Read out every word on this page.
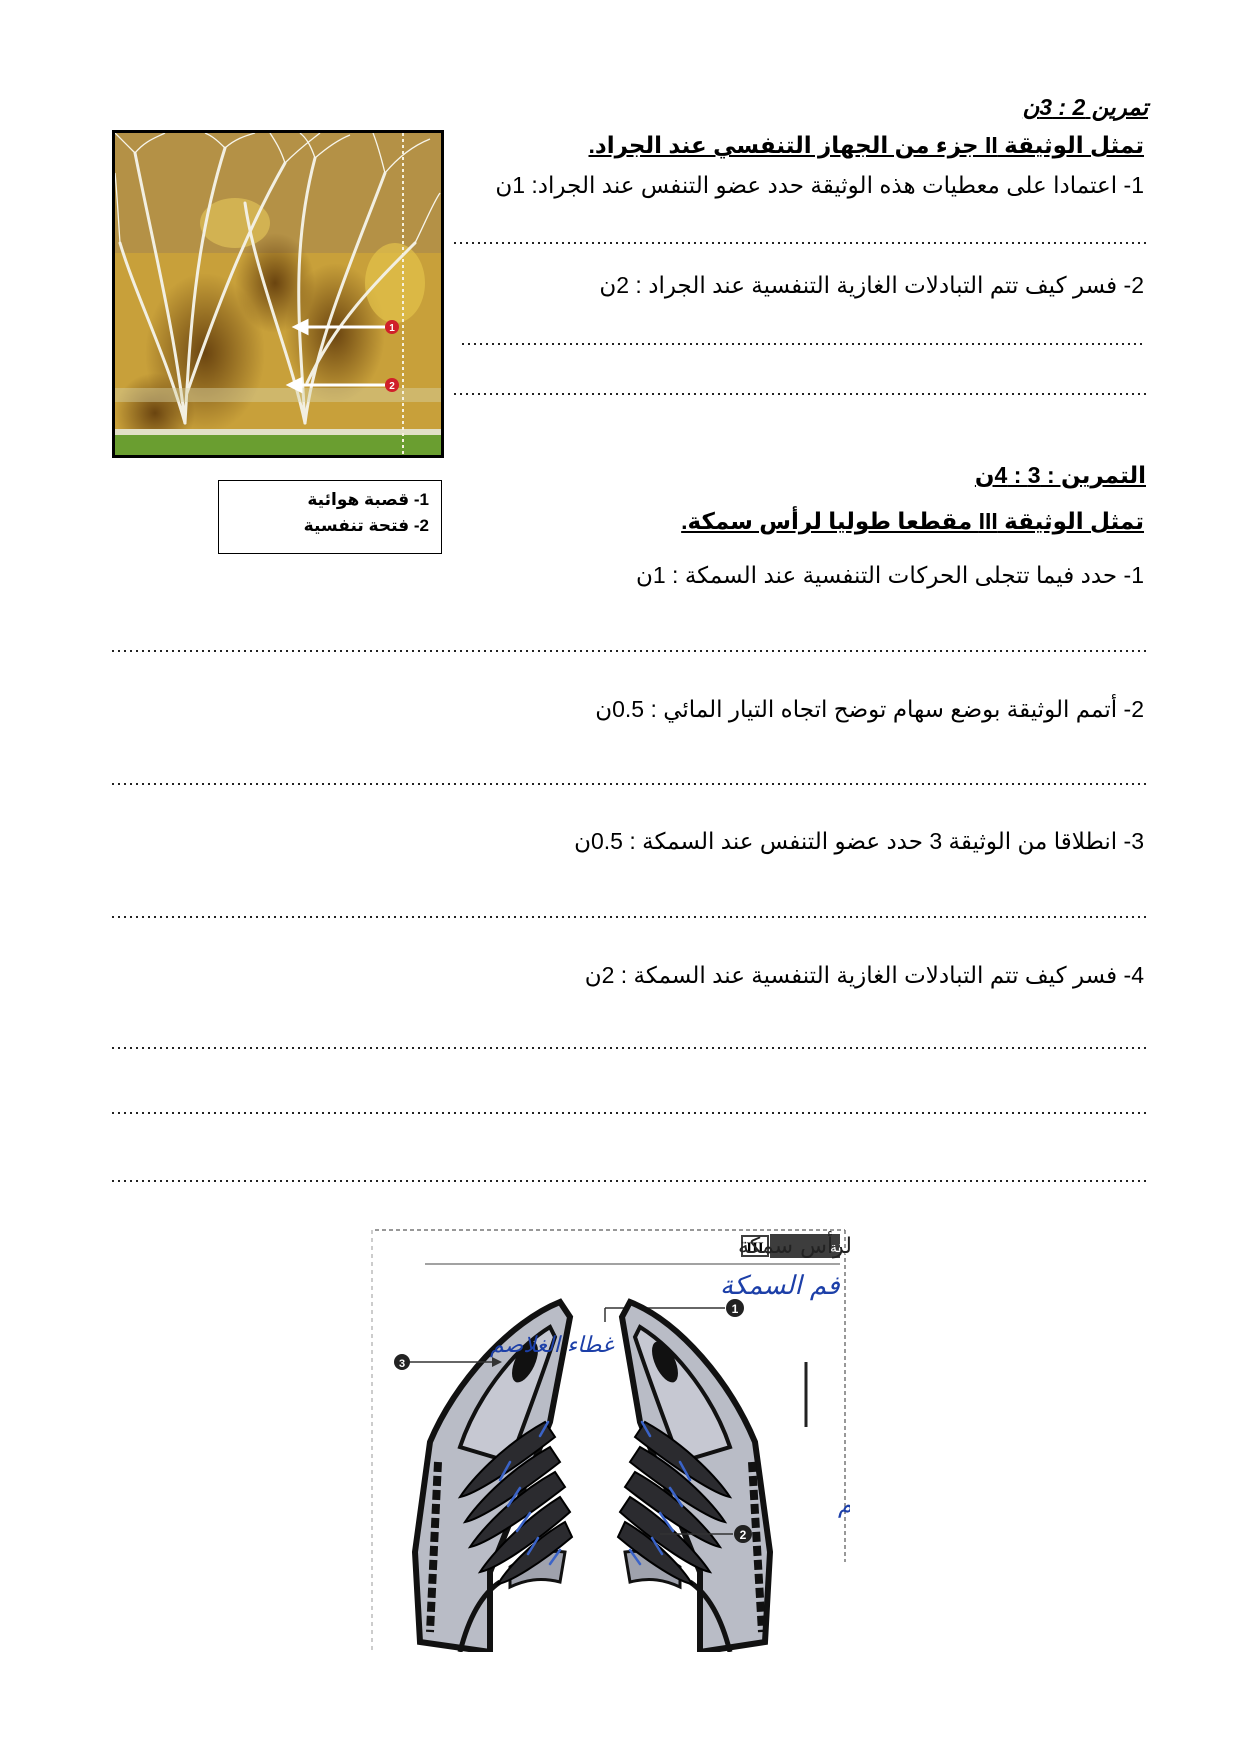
تمرين 2 : 3ن
تمثل الوثيقة II جزء من الجهاز التنفسي عند الجراد.
1- اعتمادا على معطيات هذه الوثيقة حدد عضو التنفس عند الجراد: 1ن
2- فسر كيف تتم التبادلات الغازية التنفسية عند الجراد : 2ن
1
2
1- قصبة هوائية
2- فتحة تنفسية
التمرين : 3 : 4ن
تمثل الوثيقة III مقطعا طوليا لرأس سمكة.
1- حدد فيما تتجلى الحركات التنفسية عند السمكة : 1ن
2- أتمم الوثيقة بوضع سهام توضح اتجاه التيار المائي : 0.5ن
3- انطلاقا من الوثيقة 3 حدد عضو التنفس عند السمكة : 0.5ن
4- فسر كيف تتم التبادلات الغازية التنفسية عند السمكة : 2ن
يقة
III	لرأس سمكة
1
2
3
فم السمكة
غطاء الغلاصم
